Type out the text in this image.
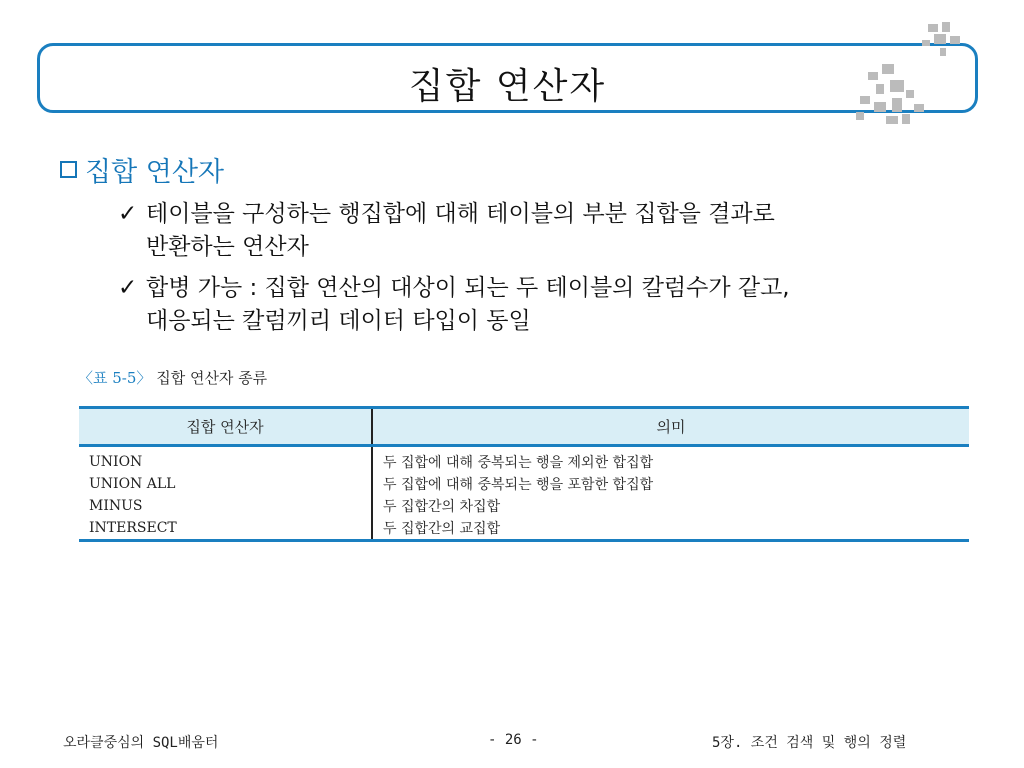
집합 연산자
집합 연산자
✓ 테이블을 구성하는 행집합에 대해 테이블의 부분 집합을 결과로
반환하는 연산자
✓ 합병 가능 : 집합 연산의 대상이 되는 두 테이블의 칼럼수가 같고,
대응되는 칼럼끼리 데이터 타입이 동일
〈표 5-5〉 집합 연산자 종류
집합 연산자	의미
UNION	두 집합에 대해 중복되는 행을 제외한 합집합
UNION ALL	두 집합에 대해 중복되는 행을 포함한 합집합
MINUS	두 집합간의 차집합
INTERSECT	두 집합간의 교집합
오라클중심의 SQL배움터	- 26 -	5장. 조건 검색 및 행의 정렬
